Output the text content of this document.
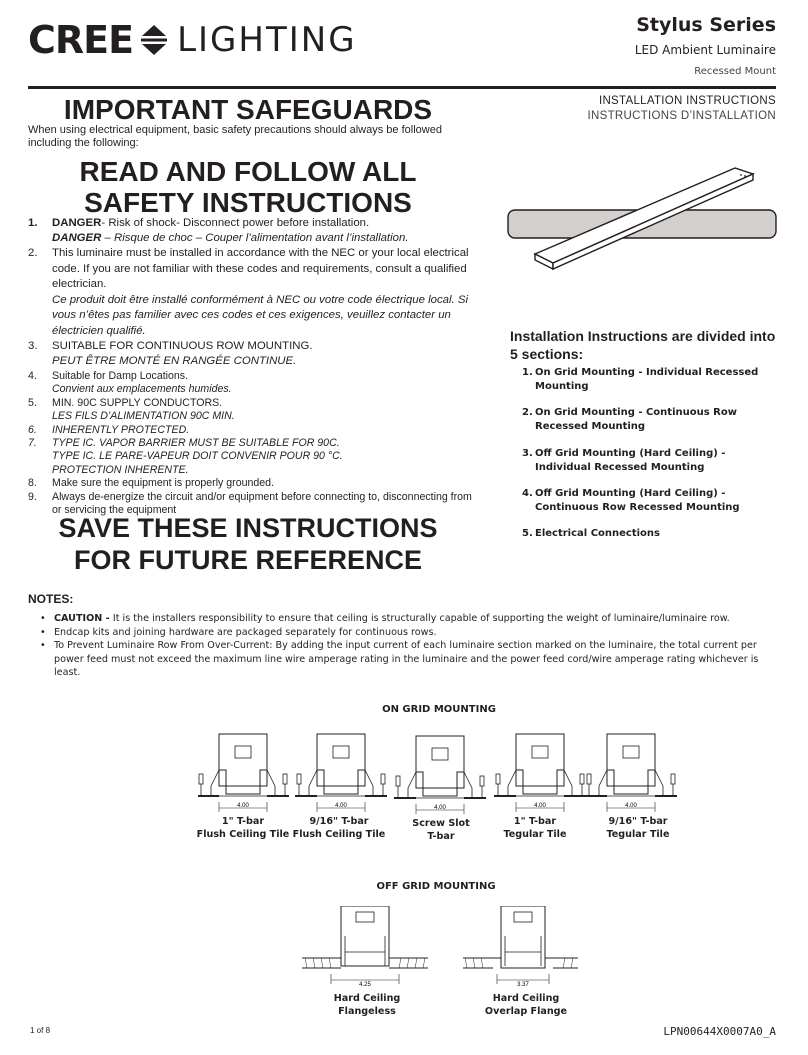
CREE LIGHTING	Stylus Series
LED Ambient Luminaire
Recessed Mount
INSTALLATION INSTRUCTIONS
INSTRUCTIONS D’INSTALLATION
IMPORTANT SAFEGUARDS
When using electrical equipment, basic safety precautions should always be followed including the following:
READ AND FOLLOW ALL
SAFETY INSTRUCTIONS
1. DANGER- Risk of shock- Disconnect power before installation.
DANGER – Risque de choc – Couper l’alimentation avant l’installation.
2. This luminaire must be installed in accordance with the NEC or your local electrical code. If you are not familiar with these codes and requirements, consult a qualified electrician.
Ce produit doit être installé conformément à NEC ou votre code électrique local. Si vous n’êtes pas familier avec ces codes et ces exigences, veuillez contacter un électricien qualifié.
3. SUITABLE FOR CONTINUOUS ROW MOUNTING.
PEUT ÊTRE MONTÉ EN RANGÉE CONTINUE.
4. Suitable for Damp Locations.
Convient aux emplacements humides.
5. MIN. 90C SUPPLY CONDUCTORS.
LES FILS D’ALIMENTATION 90C MIN.
6. INHERENTLY PROTECTED.
7. TYPE IC. VAPOR BARRIER MUST BE SUITABLE FOR 90C.
TYPE IC. LE PARE-VAPEUR DOIT CONVENIR POUR 90 °C.
PROTECTION INHERENTE.
8. Make sure the equipment is properly grounded.
9. Always de-energize the circuit and/or equipment before connecting to, disconnecting from or servicing the equipment
SAVE THESE INSTRUCTIONS
FOR FUTURE REFERENCE
Installation Instructions are divided into 5 sections:
1. On Grid Mounting - Individual Recessed Mounting
2. On Grid Mounting - Continuous Row Recessed Mounting
3. Off Grid Mounting (Hard Ceiling) - Individual Recessed Mounting
4. Off Grid Mounting (Hard Ceiling) - Continuous Row Recessed Mounting
5. Electrical Connections
NOTES:
• CAUTION - It is the installers responsibility to ensure that ceiling is structurally capable of supporting the weight of luminaire/luminaire row.
• Endcap kits and joining hardware are packaged separately for continuous rows.
• To Prevent Luminaire Row From Over-Current: By adding the input current of each luminaire section marked on the luminaire, the total current per power feed must not exceed the maximum line wire amperage rating in the luminaire and the power feed cord/wire amperage rating whichever is least.
ON GRID MOUNTING
4.00	4.00	4.00	4.00	4.00
1" T-bar
Flush Ceiling Tile
9/16" T-bar
Flush Ceiling Tile
Screw Slot
T-bar
1" T-bar
Tegular Tile
9/16" T-bar
Tegular Tile
OFF GRID MOUNTING
4.25	3.37
Hard Ceiling
Flangeless
Hard Ceiling
Overlap Flange
1 of 8	LPN00644X0007A0_A
